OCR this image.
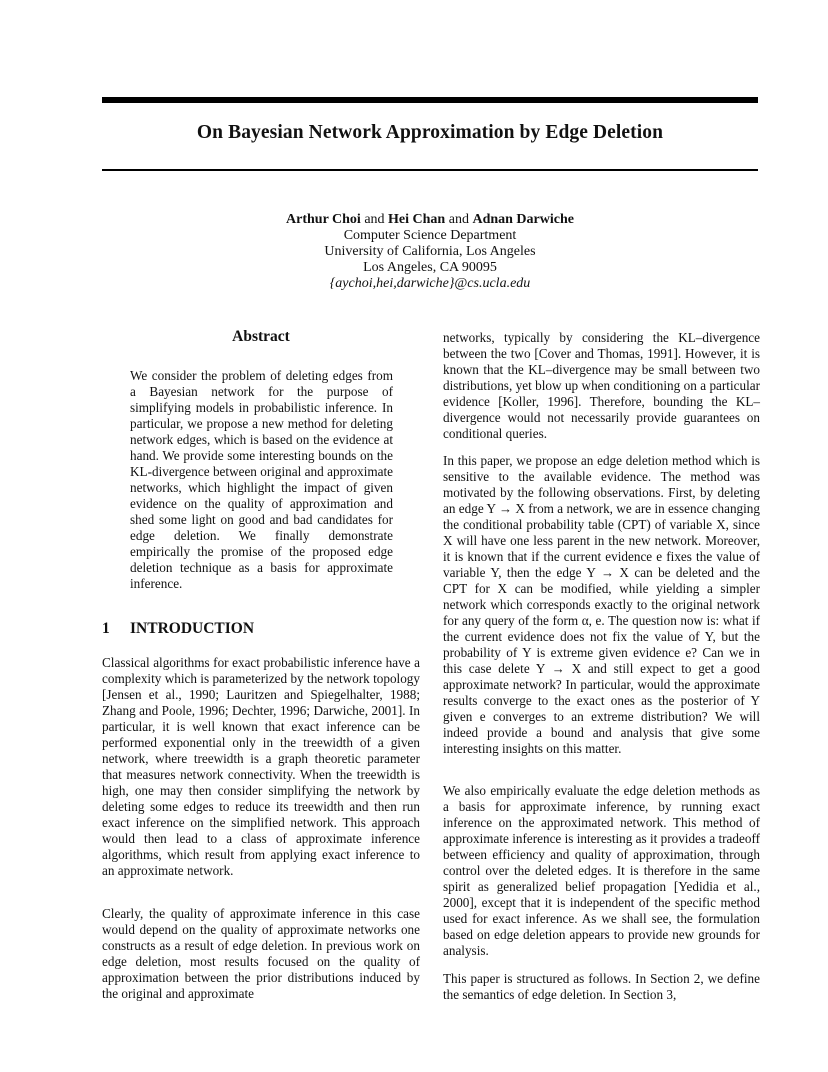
On Bayesian Network Approximation by Edge Deletion
Arthur Choi and Hei Chan and Adnan Darwiche
Computer Science Department
University of California, Los Angeles
Los Angeles, CA 90095
{aychoi,hei,darwiche}@cs.ucla.edu
Abstract

We consider the problem of deleting edges from a Bayesian network for the purpose of simplifying models in probabilistic inference. In particular, we propose a new method for deleting network edges, which is based on the evidence at hand. We provide some interesting bounds on the KL-divergence between original and approximate networks, which highlight the impact of given evidence on the quality of approximation and shed some light on good and bad candidates for edge deletion. We finally demonstrate empirically the promise of the proposed edge deletion technique as a basis for approximate inference.

1 INTRODUCTION

Classical algorithms for exact probabilistic inference have a complexity which is parameterized by the network topology [Jensen et al., 1990; Lauritzen and Spiegelhalter, 1988; Zhang and Poole, 1996; Dechter, 1996; Darwiche, 2001]. In particular, it is well known that exact inference can be performed exponential only in the treewidth of a given network, where treewidth is a graph theoretic parameter that measures network connectivity. When the treewidth is high, one may then consider simplifying the network by deleting some edges to reduce its treewidth and then run exact inference on the simplified network. This approach would then lead to a class of approximate inference algorithms, which result from applying exact inference to an approximate network.

Clearly, the quality of approximate inference in this case would depend on the quality of approximate networks one constructs as a result of edge deletion. In previous work on edge deletion, most results focused on the quality of approximation between the prior distributions induced by the original and approximate

networks, typically by considering the KL–divergence between the two [Cover and Thomas, 1991]. However, it is known that the KL–divergence may be small between two distributions, yet blow up when conditioning on a particular evidence [Koller, 1996]. Therefore, bounding the KL–divergence would not necessarily provide guarantees on conditional queries.

In this paper, we propose an edge deletion method which is sensitive to the available evidence. The method was motivated by the following observations. First, by deleting an edge Y → X from a network, we are in essence changing the conditional probability table (CPT) of variable X, since X will have one less parent in the new network. Moreover, it is known that if the current evidence e fixes the value of variable Y, then the edge Y → X can be deleted and the CPT for X can be modified, while yielding a simpler network which corresponds exactly to the original network for any query of the form α, e. The question now is: what if the current evidence does not fix the value of Y, but the probability of Y is extreme given evidence e? Can we in this case delete Y → X and still expect to get a good approximate network? In particular, would the approximate results converge to the exact ones as the posterior of Y given e converges to an extreme distribution? We will indeed provide a bound and analysis that give some interesting insights on this matter.

We also empirically evaluate the edge deletion methods as a basis for approximate inference, by running exact inference on the approximated network. This method of approximate inference is interesting as it provides a tradeoff between efficiency and quality of approximation, through control over the deleted edges. It is therefore in the same spirit as generalized belief propagation [Yedidia et al., 2000], except that it is independent of the specific method used for exact inference. As we shall see, the formulation based on edge deletion appears to provide new grounds for analysis.

This paper is structured as follows. In Section 2, we define the semantics of edge deletion. In Section 3,
